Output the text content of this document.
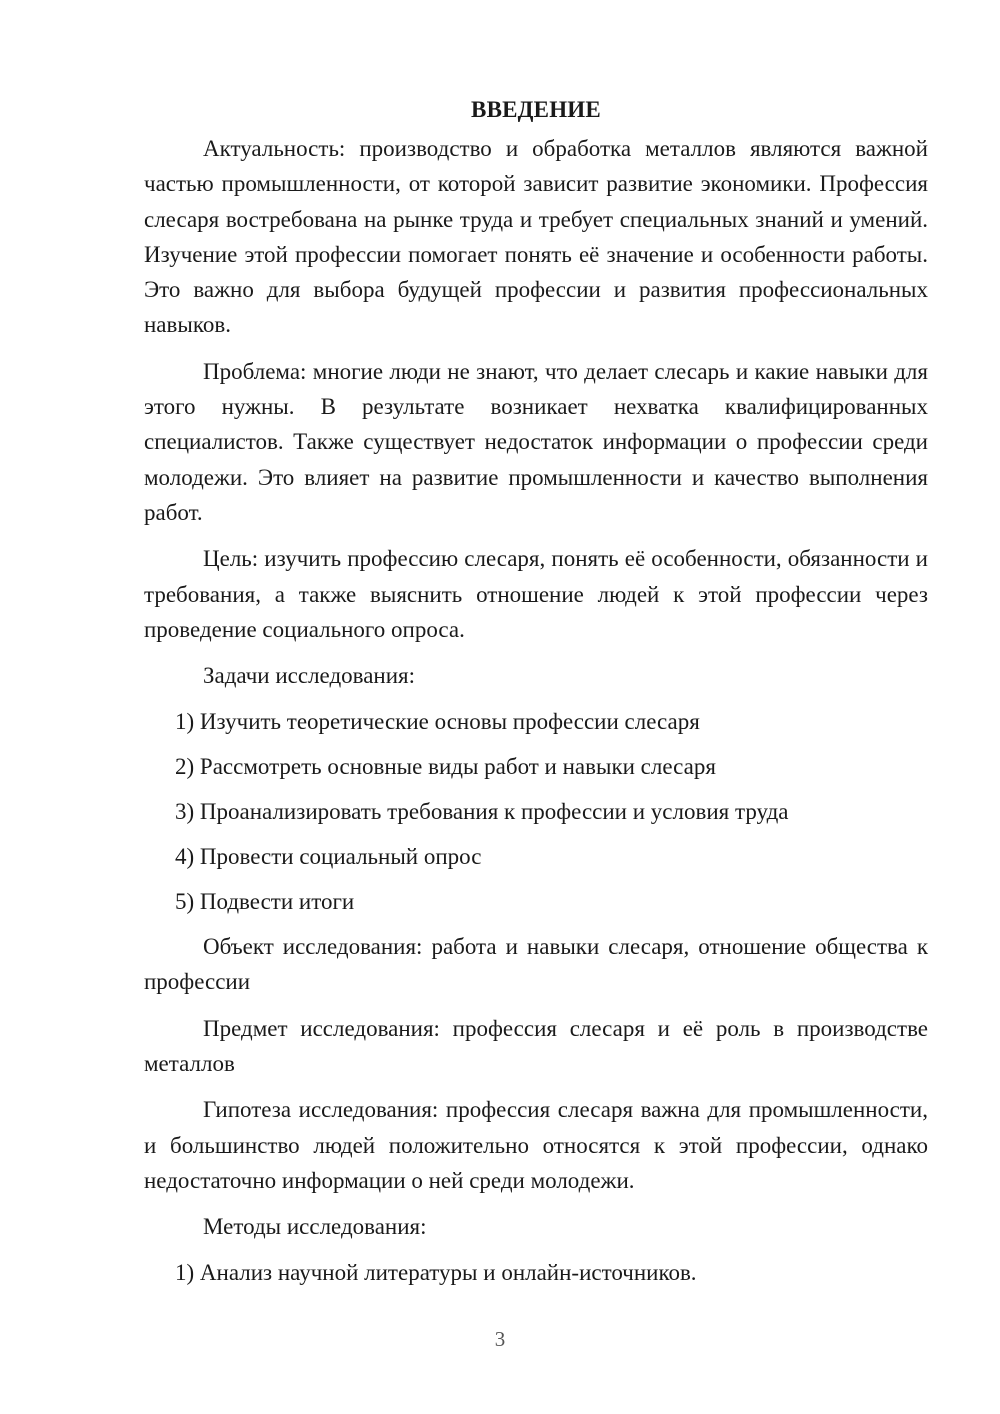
ВВЕДЕНИЕ

Актуальность: производство и обработка металлов являются важной частью промышленности, от которой зависит развитие экономики. Профессия слесаря востребована на рынке труда и требует специальных знаний и умений. Изучение этой профессии помогает понять её значение и особенности работы. Это важно для выбора будущей профессии и развития профессиональных навыков.

Проблема: многие люди не знают, что делает слесарь и какие навыки для этого нужны. В результате возникает нехватка квалифицированных специалистов. Также существует недостаток информации о профессии среди молодежи. Это влияет на развитие промышленности и качество выполнения работ.

Цель: изучить профессию слесаря, понять её особенности, обязанности и требования, а также выяснить отношение людей к этой профессии через проведение социального опроса.

Задачи исследования:
1) Изучить теоретические основы профессии слесаря
2) Рассмотреть основные виды работ и навыки слесаря
3) Проанализировать требования к профессии и условия труда
4) Провести социальный опрос
5) Подвести итоги

Объект исследования: работа и навыки слесаря, отношение общества к профессии

Предмет исследования: профессия слесаря и её роль в производстве металлов

Гипотеза исследования: профессия слесаря важна для промышленности, и большинство людей положительно относятся к этой профессии, однако недостаточно информации о ней среди молодежи.

Методы исследования:
1) Анализ научной литературы и онлайн-источников.
3
